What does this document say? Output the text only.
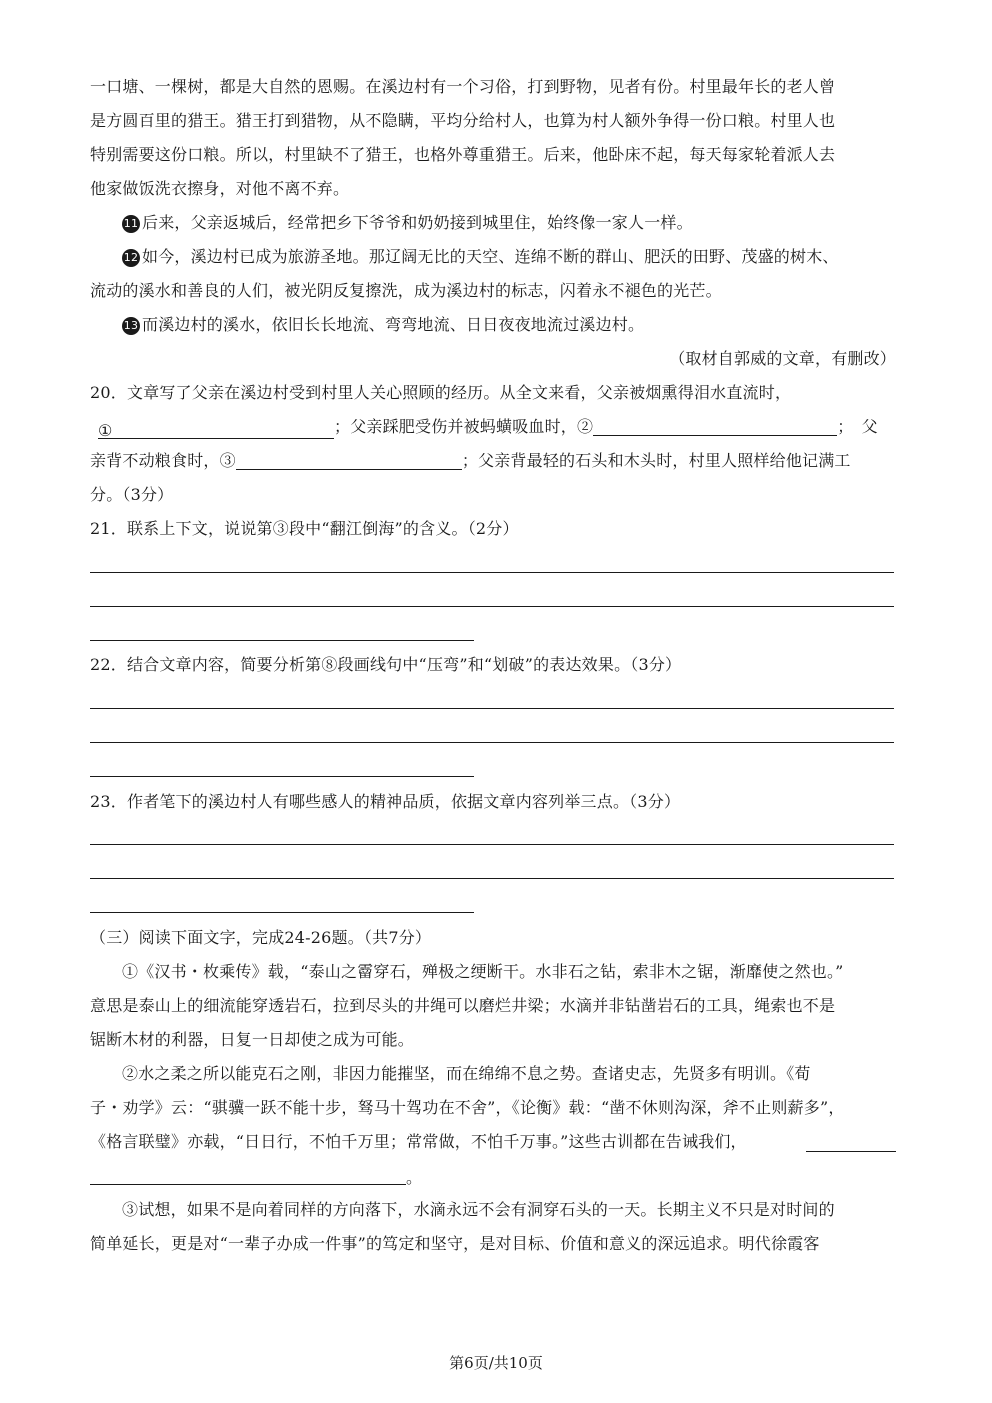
一口塘、一棵树，都是大自然的恩赐。在溪边村有一个习俗，打到野物，见者有份。村里最年长的老人曾
是方圆百里的猎王。猎王打到猎物，从不隐瞒，平均分给村人，也算为村人额外争得一份口粮。村里人也
特别需要这份口粮。所以，村里缺不了猎王，也格外尊重猎王。后来，他卧床不起，每天每家轮着派人去
他家做饭洗衣擦身，对他不离不弃。
11 后来，父亲返城后，经常把乡下爷爷和奶奶接到城里住，始终像一家人一样。
12 如今，溪边村已成为旅游圣地。那辽阔无比的天空、连绵不断的群山、肥沃的田野、茂盛的树木、
流动的溪水和善良的人们，被光阴反复擦洗，成为溪边村的标志，闪着永不褪色的光芒。
13 而溪边村的溪水，依旧长长地流、弯弯地流、日日夜夜地流过溪边村。
（取材自郭威的文章，有删改）
20．文章写了父亲在溪边村受到村里人关心照顾的经历。从全文来看，父亲被烟熏得泪水直流时，
①	；父亲踩肥受伤并被蚂蟥吸血时，②	；　父
亲背不动粮食时，③	；父亲背最轻的石头和木头时，村里人照样给他记满工
分。（3分）
21．联系上下文，说说第③段中“翻江倒海”的含义。（2分）
22．结合文章内容，简要分析第⑧段画线句中“压弯”和“划破”的表达效果。（3分）
23．作者笔下的溪边村人有哪些感人的精神品质，依据文章内容列举三点。（3分）
（三）阅读下面文字，完成24-26题。（共7分）
①《汉书・枚乘传》载，“泰山之霤穿石，殚极之绠断干。水非石之钻，索非木之锯，渐靡使之然也。”
意思是泰山上的细流能穿透岩石，拉到尽头的井绳可以磨烂井梁；水滴并非钻凿岩石的工具，绳索也不是
锯断木材的利器，日复一日却使之成为可能。
②水之柔之所以能克石之刚，非因力能摧坚，而在绵绵不息之势。查诸史志，先贤多有明训。《荀
子・劝学》云：“骐骥一跃不能十步，驽马十驾功在不舍”，《论衡》载：“凿不休则沟深，斧不止则薪多”，
《格言联璧》亦载，“日日行，不怕千万里；常常做，不怕千万事。”这些古训都在告诫我们，
。
③试想，如果不是向着同样的方向落下，水滴永远不会有洞穿石头的一天。长期主义不只是对时间的
简单延长，更是对“一辈子办成一件事”的笃定和坚守，是对目标、价值和意义的深远追求。明代徐霞客
第6页/共10页
